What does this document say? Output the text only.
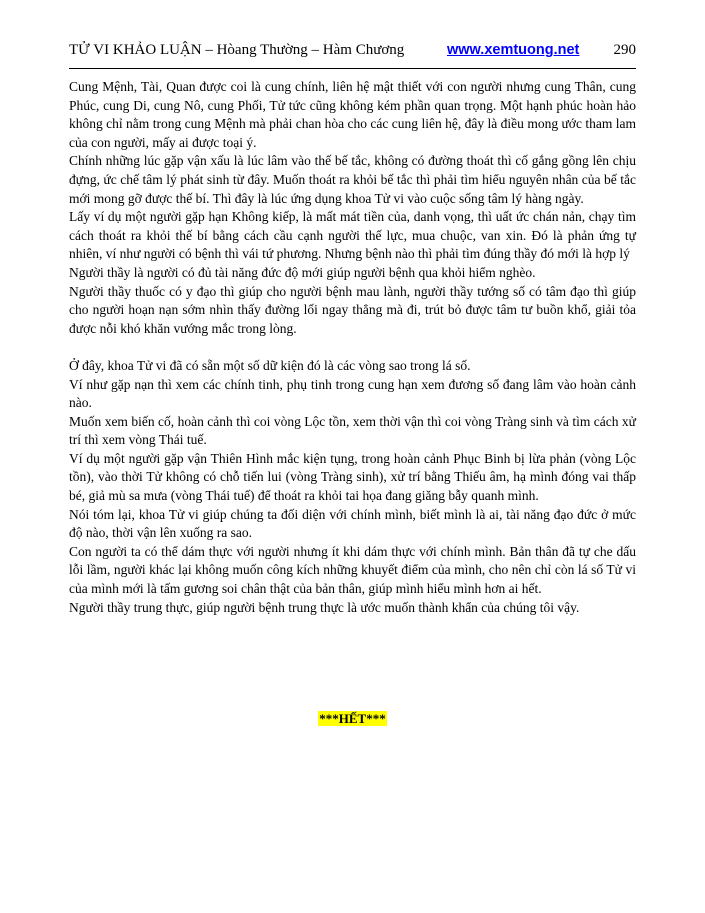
TỬ VI KHẢO LUẬN – Hòang Thường – Hàm Chương	www.xemtuong.net 290

Cung Mệnh, Tài, Quan được coi là cung chính, liên hệ mật thiết với con người nhưng cung Thân, cung Phúc, cung Di, cung Nô, cung Phối, Tử tức cũng không kém phần quan trọng. Một hạnh phúc hoàn hảo không chỉ nằm trong cung Mệnh mà phải chan hòa cho các cung liên hệ, đây là điều mong ước tham lam của con người, mấy ai được toại ý.

Chính những lúc gặp vận xấu là lúc lâm vào thế bế tắc, không có đường thoát thì cố gắng gồng lên chịu đựng, ức chế tâm lý phát sinh từ đây. Muốn thoát ra khỏi bế tắc thì phải tìm hiểu nguyên nhân của bế tắc mới mong gỡ được thế bí. Thì đây là lúc ứng dụng khoa Tử vi vào cuộc sống tâm lý hàng ngày.

Lấy ví dụ một người gặp hạn Không kiếp, là mất mát tiền của, danh vọng, thì uất ức chán nản, chạy tìm cách thoát ra khỏi thế bí bằng cách cầu cạnh người thế lực, mua chuộc, van xin. Đó là phản ứng tự nhiên, ví như người có bệnh thì vái tứ phương. Nhưng bệnh nào thì phải tìm đúng thầy đó mới là hợp lý

Người thầy là người có đủ tài năng đức độ mới giúp người bệnh qua khỏi hiểm nghèo.

Người thầy thuốc có y đạo thì giúp cho người bệnh mau lành, người thầy tướng số có tâm đạo thì giúp cho người hoạn nạn sớm nhìn thấy đường lối ngay thẳng mà đi, trút bỏ được tâm tư buồn khổ, giải tỏa được nỗi khó khăn vướng mắc trong lòng.

Ở đây, khoa Tử vi đã có sẵn một số dữ kiện đó là các vòng sao trong lá số.

Ví như gặp nạn thì xem các chính tinh, phụ tinh trong cung hạn xem đương số đang lâm vào hoàn cảnh nào.

Muốn xem biến cố, hoàn cảnh thì coi vòng Lộc tồn, xem thời vận thì coi vòng Tràng sinh và tìm cách xử trí thì xem vòng Thái tuế.

Ví dụ một người gặp vận Thiên Hình mắc kiện tụng, trong hoàn cảnh Phục Binh bị lừa phản (vòng Lộc tồn), vào thời Tử không có chỗ tiến lui (vòng Tràng sinh), xử trí bằng Thiếu âm, hạ mình đóng vai thấp bé, giả mù sa mưa (vòng Thái tuế) để thoát ra khỏi tai họa đang giăng bẫy quanh mình.

Nói tóm lại, khoa Tử vi giúp chúng ta đối diện với chính mình, biết mình là ai, tài năng đạo đức ở mức độ nào, thời vận lên xuống ra sao.

Con người ta có thể dám thực với người nhưng ít khi dám thực với chính mình. Bản thân đã tự che dấu lỗi lầm, người khác lại không muốn công kích những khuyết điểm của mình, cho nên chỉ còn lá số Tử vi của mình mới là tấm gương soi chân thật của bản thân, giúp mình hiểu mình hơn ai hết.

Người thầy trung thực, giúp người bệnh trung thực là ước muốn thành khẩn của chúng tôi vậy.

***HẾT***
